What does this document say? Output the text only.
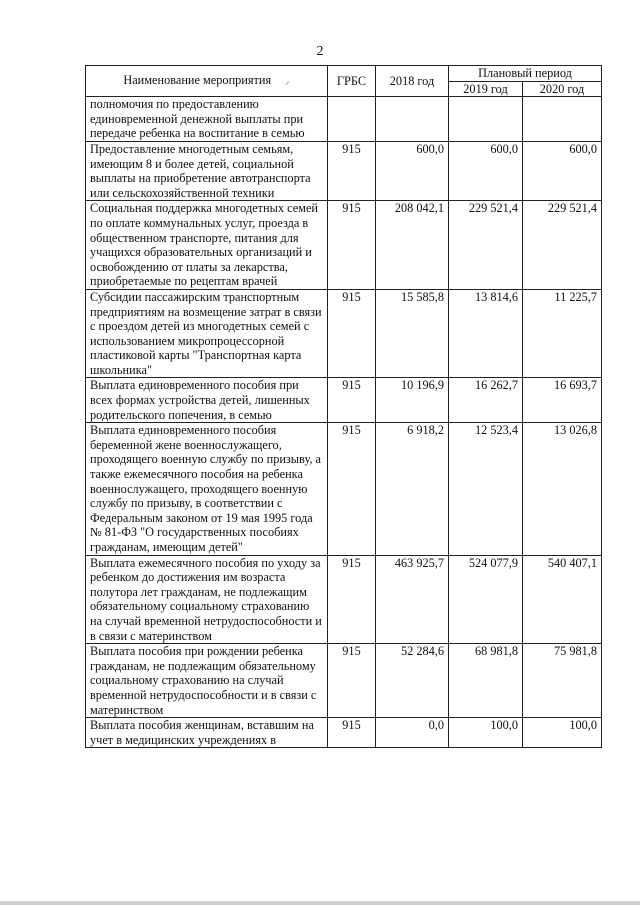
2
Наименование мероприятия ⸝	ГРБС	2018 год	Плановый период	
			2019 год	2020 год
полномочия по предоставлению единовременной денежной выплаты при передаче ребенка на воспитание в семью				
Предоставление многодетным семьям, имеющим 8 и более детей, социальной выплаты на приобретение автотранспорта или сельскохозяйственной техники	915	600,0	600,0	600,0
Социальная поддержка многодетных семей по оплате коммунальных услуг, проезда в общественном транспорте, питания для учащихся образовательных организаций и освобождению от платы за лекарства, приобретаемые по рецептам врачей	915	208 042,1	229 521,4	229 521,4
Субсидии пассажирским транспортным предприятиям на возмещение затрат в связи с проездом детей из многодетных семей с использованием микропроцессорной пластиковой карты "Транспортная карта школьника"	915	15 585,8	13 814,6	11 225,7
Выплата единовременного пособия при всех формах устройства детей, лишенных родительского попечения, в семью	915	10 196,9	16 262,7	16 693,7
Выплата единовременного пособия беременной жене военнослужащего, проходящего военную службу по призыву, а также ежемесячного пособия на ребенка военнослужащего, проходящего военную службу по призыву, в соответствии с Федеральным законом от 19 мая 1995 года № 81-ФЗ "О государственных пособиях гражданам, имеющим детей"	915	6 918,2	12 523,4	13 026,8
Выплата ежемесячного пособия по уходу за ребенком до достижения им возраста полутора лет гражданам, не подлежащим обязательному социальному страхованию на случай временной нетрудоспособности и в связи с материнством	915	463 925,7	524 077,9	540 407,1
Выплата пособия при рождении ребенка гражданам, не подлежащим обязательному социальному страхованию на случай временной нетрудоспособности и в связи с материнством	915	52 284,6	68 981,8	75 981,8
Выплата пособия женщинам, вставшим на учет в медицинских учреждениях в	915	0,0	100,0	100,0
